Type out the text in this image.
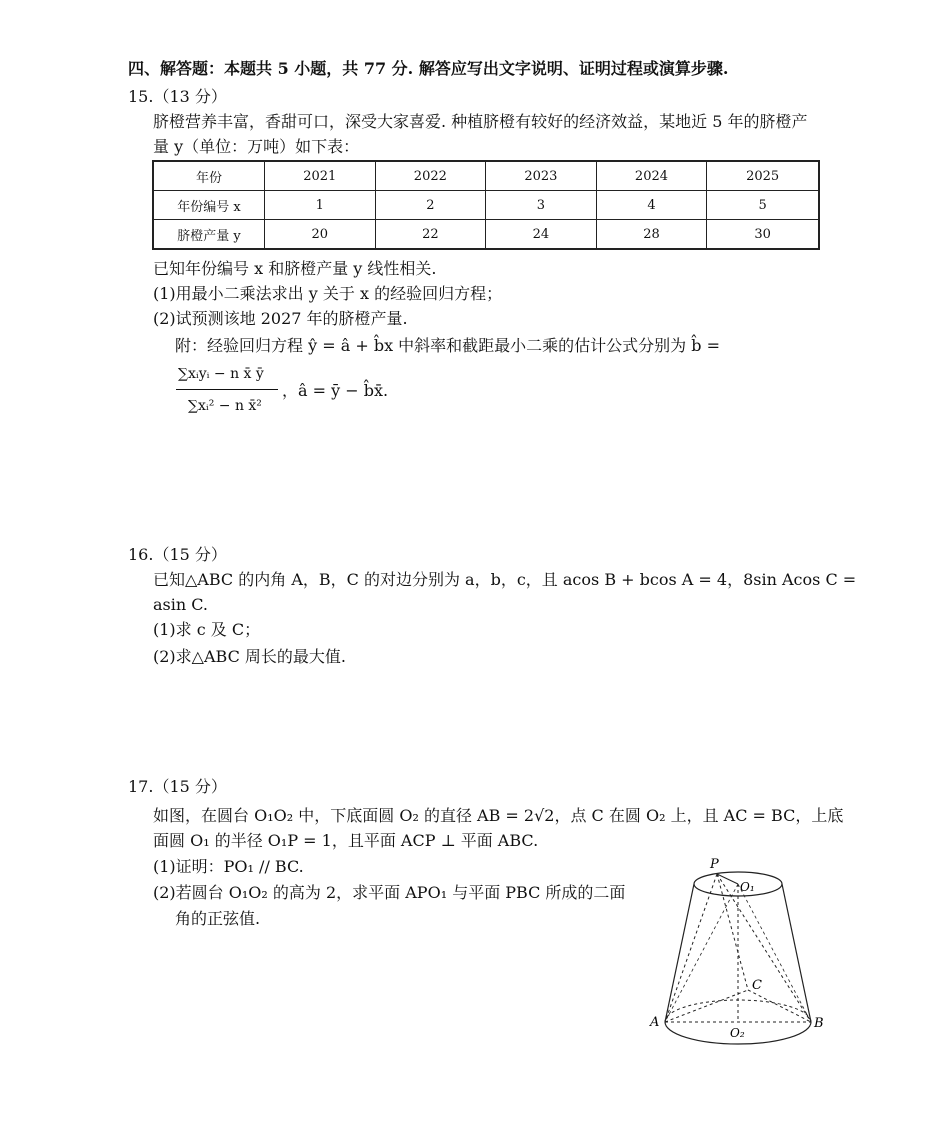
四、解答题：本题共 5 小题，共 77 分. 解答应写出文字说明、证明过程或演算步骤.
15.（13 分）
脐橙营养丰富，香甜可口，深受大家喜爱. 种植脐橙有较好的经济效益，某地近 5 年的脐橙产
量 y（单位：万吨）如下表：
年份	2021	2022	2023	2024	2025
年份编号 x	1	2	3	4	5
脐橙产量 y	20	22	24	28	30
已知年份编号 x 和脐橙产量 y 线性相关.
(1)用最小二乘法求出 y 关于 x 的经验回归方程；
(2)试预测该地 2027 年的脐橙产量.
附：经验回归方程 ŷ = â + b̂x 中斜率和截距最小二乘的估计公式分别为 b̂ =
∑xᵢyᵢ − n x̄ ȳ
∑xᵢ² − n x̄²
，â = ȳ − b̂x̄.
16.（15 分）
已知△ABC 的内角 A，B，C 的对边分别为 a，b，c，且 acos B + bcos A = 4，8sin Acos C =
asin C.
(1)求 c 及 C；
(2)求△ABC 周长的最大值.
17.（15 分）
如图，在圆台 O₁O₂ 中，下底面圆 O₂ 的直径 AB = 2√2，点 C 在圆 O₂ 上，且 AC = BC，上底
面圆 O₁ 的半径 O₁P = 1，且平面 ACP ⊥ 平面 ABC.
(1)证明：PO₁ // BC.
(2)若圆台 O₁O₂ 的高为 2，求平面 APO₁ 与平面 PBC 所成的二面
角的正弦值.
P
O₁
C
A	B
O₂
